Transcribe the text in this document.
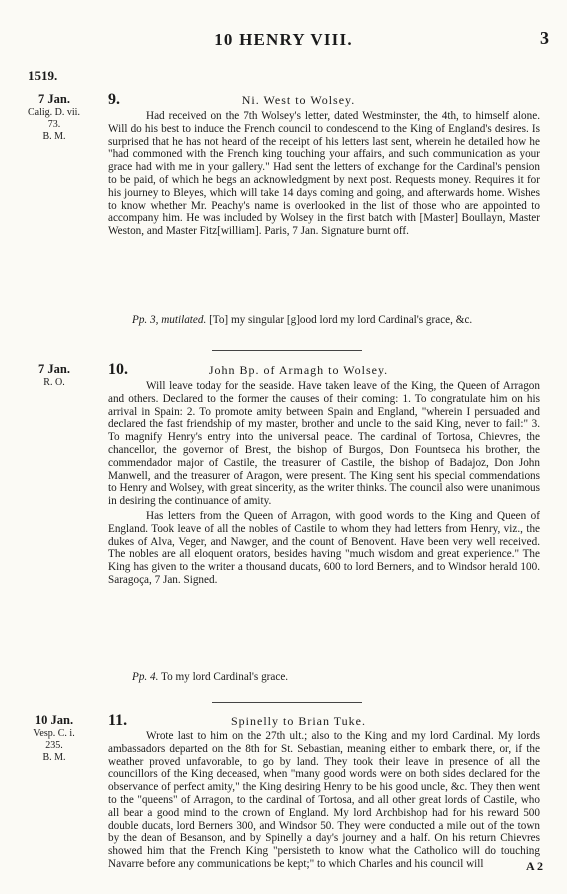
10 HENRY VIII.	3
1519.
7 Jan.
Calig. D. vii.
73.
B. M.
9.	Ni. West to Wolsey.

Had received on the 7th Wolsey's letter, dated Westminster, the 4th, to himself alone. Will do his best to induce the French council to condescend to the King of England's desires. Is surprised that he has not heard of the receipt of his letters last sent, wherein he detailed how he "had commoned with the French king touching your affairs, and such communication as your grace had with me in your gallery." Had sent the letters of exchange for the Cardinal's pension to be paid, of which he begs an acknowledgment by next post. Requests money. Requires it for his journey to Bleyes, which will take 14 days coming and going, and afterwards home. Wishes to know whether Mr. Peachy's name is overlooked in the list of those who are appointed to accompany him. He was included by Wolsey in the first batch with [Master] Boullayn, Master Weston, and Master Fitz[william]. Paris, 7 Jan. Signature burnt off.

Pp. 3, mutilated. [To] my singular [g]ood lord my lord Cardinal's grace, &c.
7 Jan.
R. O.
10.	John Bp. of Armagh to Wolsey.

Will leave today for the seaside. Have taken leave of the King, the Queen of Arragon and others. Declared to the former the causes of their coming: 1. To congratulate him on his arrival in Spain: 2. To promote amity between Spain and England, "wherein I persuaded and declared the fast friendship of my master, brother and uncle to the said King, never to fail:" 3. To magnify Henry's entry into the universal peace. The cardinal of Tortosa, Chievres, the chancellor, the governor of Brest, the bishop of Burgos, Don Fountseca his brother, the commendador major of Castile, the treasurer of Castile, the bishop of Badajoz, Don John Manwell, and the treasurer of Aragon, were present. The King sent his special commendations to Henry and Wolsey, with great sincerity, as the writer thinks. The council also were unanimous in desiring the continuance of amity.

Has letters from the Queen of Arragon, with good words to the King and Queen of England. Took leave of all the nobles of Castile to whom they had letters from Henry, viz., the dukes of Alva, Veger, and Nawger, and the count of Benovent. Have been very well received. The nobles are all eloquent orators, besides having "much wisdom and great experience." The King has given to the writer a thousand ducats, 600 to lord Berners, and to Windsor herald 100. Saragoça, 7 Jan. Signed.

Pp. 4. To my lord Cardinal's grace.
10 Jan.
Vesp. C. i.
235.
B. M.
11.	Spinelly to Brian Tuke.

Wrote last to him on the 27th ult.; also to the King and my lord Cardinal. My lords ambassadors departed on the 8th for St. Sebastian, meaning either to embark there, or, if the weather proved unfavorable, to go by land. They took their leave in presence of all the councillors of the King deceased, when "many good words were on both sides declared for the observance of perfect amity," the King desiring Henry to be his good uncle, &c. They then went to the "queens" of Arragon, to the cardinal of Tortosa, and all other great lords of Castile, who all bear a good mind to the crown of England. My lord Archbishop had for his reward 500 double ducats, lord Berners 300, and Windsor 50. They were conducted a mile out of the town by the dean of Besanson, and by Spinelly a day's journey and a half. On his return Chievres showed him that the French King "persisteth to know what the Catholico will do touching Navarre before any communications be kept;" to which Charles and his council will	A 2
